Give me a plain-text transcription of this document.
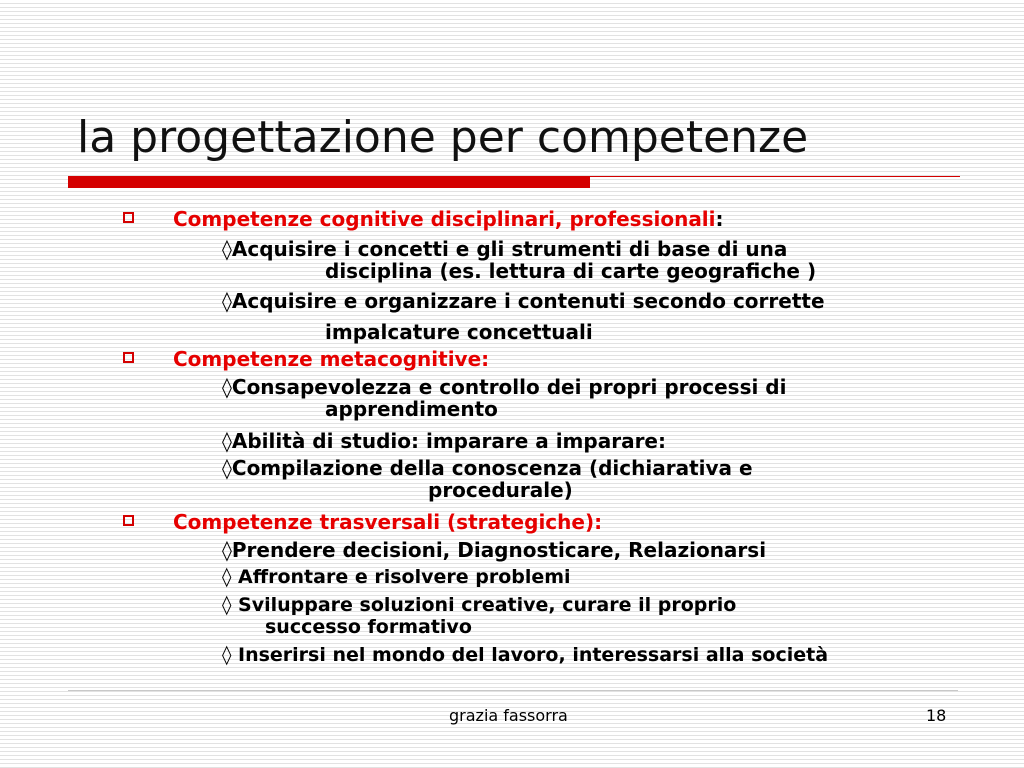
la progettazione per competenze
Competenze cognitive disciplinari, professionali:
◊Acquisire i concetti e gli strumenti di base di una
disciplina (es. lettura di carte geografiche )
◊Acquisire e organizzare i contenuti secondo corrette
impalcature concettuali
Competenze metacognitive:
◊Consapevolezza e controllo dei propri processi di
apprendimento
◊Abilità di studio: imparare a imparare:
◊Compilazione della conoscenza (dichiarativa e
procedurale)
Competenze trasversali (strategiche):
◊Prendere decisioni, Diagnosticare, Relazionarsi
◊ Affrontare e risolvere problemi
◊ Sviluppare soluzioni creative, curare il proprio
successo formativo
◊ Inserirsi nel mondo del lavoro, interessarsi alla società
grazia fassorra	18
